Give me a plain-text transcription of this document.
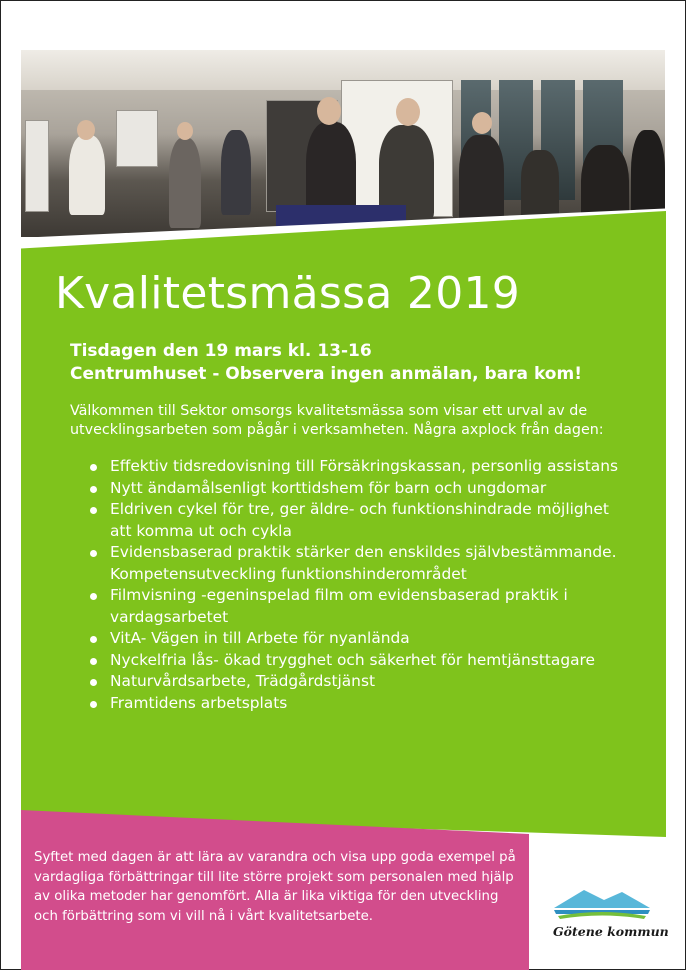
Kvalitetsmässa 2019

Tisdagen den 19 mars kl. 13-16
Centrumhuset - Observera ingen anmälan, bara kom!

Välkommen till Sektor omsorgs kvalitetsmässa som visar ett urval av de utvecklingsarbeten som pågår i verksamheten. Några axplock från dagen:

Effektiv tidsredovisning till Försäkringskassan, personlig assistans
Nytt ändamålsenligt korttidshem för barn och ungdomar
Eldriven cykel för tre, ger äldre- och funktionshindrade möjlighet att komma ut och cykla
Evidensbaserad praktik stärker den enskildes självbestämmande. Kompetensutveckling funktionshinderområdet
Filmvisning -egeninspelad film om evidensbaserad praktik i vardagsarbetet
VitA- Vägen in till Arbete för nyanlända
Nyckelfria lås- ökad trygghet och säkerhet för hemtjänsttagare
Naturvårdsarbete, Trädgårdstjänst
Framtidens arbetsplats

Syftet med dagen är att lära av varandra och visa upp goda exempel på vardagliga förbättringar till lite större projekt som personalen med hjälp av olika metoder har genomfört. Alla är lika viktiga för den utveckling och förbättring som vi vill nå i vårt kvalitetsarbete.

Götene kommun
